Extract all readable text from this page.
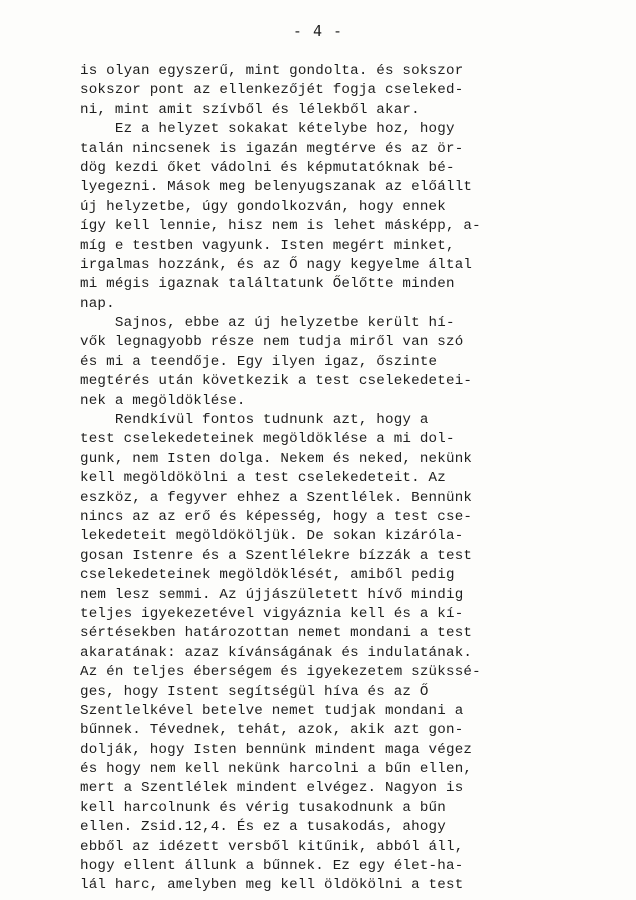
- 4 -
is olyan egyszerű, mint gondolta. és sokszor
sokszor pont az ellenkezőjét fogja cseleked-
ni, mint amit szívből és lélekből akar.
Ez a helyzet sokakat kételybe hoz, hogy
talán nincsenek is igazán megtérve és az ör-
dög kezdi őket vádolni és képmutatóknak bé-
lyegezni. Mások meg belenyugszanak az előállt
új helyzetbe, úgy gondolkozván, hogy ennek
így kell lennie, hisz nem is lehet másképp, a-
míg e testben vagyunk. Isten megért minket,
irgalmas hozzánk, és az Ő nagy kegyelme által
mi mégis igaznak találtatunk Őelőtte minden
nap.
Sajnos, ebbe az új helyzetbe került hí-
vők legnagyobb része nem tudja miről van szó
és mi a teendője. Egy ilyen igaz, őszinte
megtérés után következik a test cselekedetei-
nek a megöldöklése.
Rendkívül fontos tudnunk azt, hogy a
test cselekedeteinek megöldöklése a mi dol-
gunk, nem Isten dolga. Nekem és neked, nekünk
kell megöldökölni a test cselekedeteit. Az
eszköz, a fegyver ehhez a Szentlélek. Bennünk
nincs az az erő és képesség, hogy a test cse-
lekedeteit megöldököljük. De sokan kizáróla-
gosan Istenre és a Szentlélekre bízzák a test
cselekedeteinek megöldöklését, amiből pedig
nem lesz semmi. Az újjászületett hívő mindig
teljes igyekezetével vigyáznia kell és a kí-
sértésekben határozottan nemet mondani a test
akaratának: azaz kívánságának és indulatának.
Az én teljes éberségem és igyekezetem szükssé-
ges, hogy Istent segítségül híva és az Ő
Szentlelkével betelve nemet tudjak mondani a
bűnnek. Tévednek, tehát, azok, akik azt gon-
dolják, hogy Isten bennünk mindent maga végez
és hogy nem kell nekünk harcolni a bűn ellen,
mert a Szentlélek mindent elvégez. Nagyon is
kell harcolnunk és vérig tusakodnunk a bűn
ellen. Zsid.12,4. És ez a tusakodás, ahogy
ebből az idézett versből kitűnik, abból áll,
hogy ellent állunk a bűnnek. Ez egy élet-ha-
lál harc, amelyben meg kell öldökölni a test
